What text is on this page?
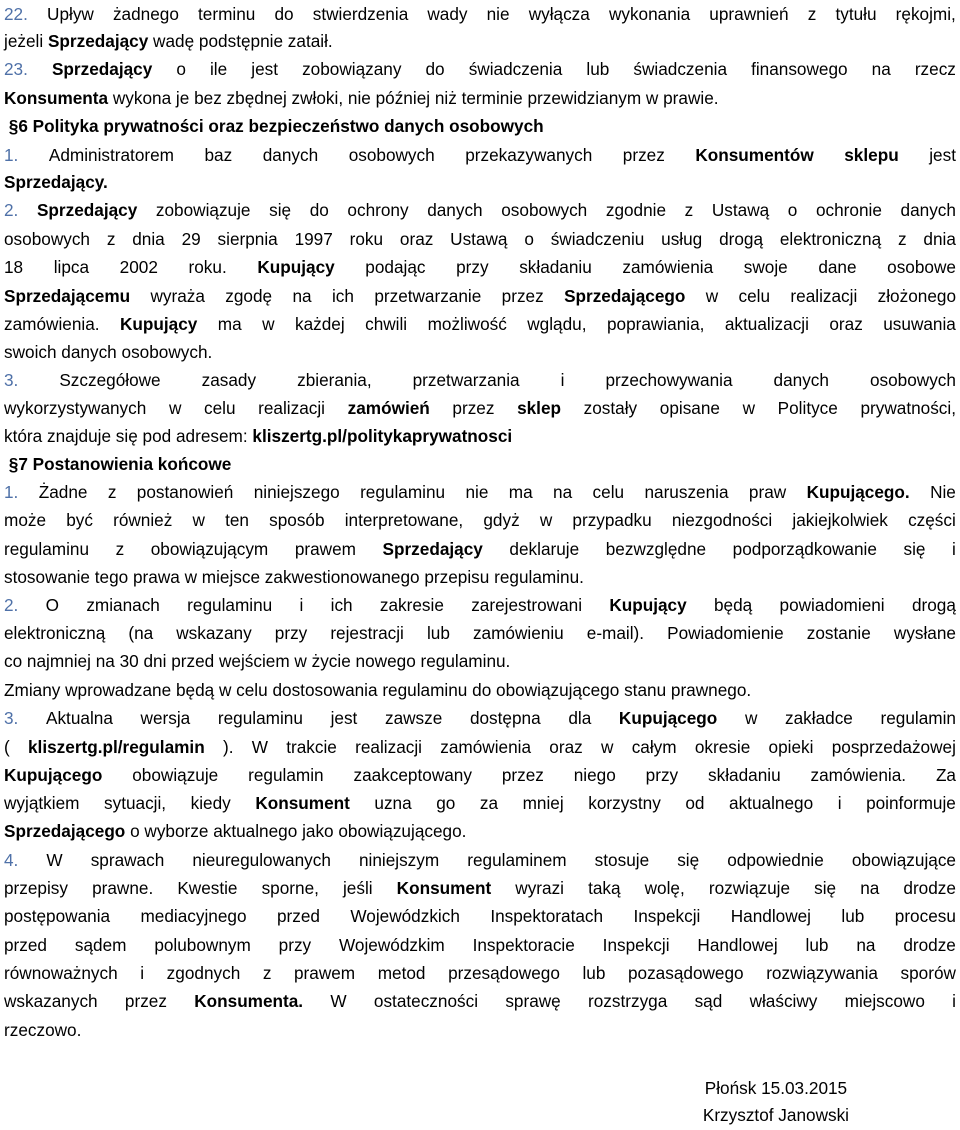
22. Upływ żadnego terminu do stwierdzenia wady nie wyłącza wykonania uprawnień z tytułu rękojmi,
jeżeli Sprzedający wadę podstępnie zataił.
23. Sprzedający o ile jest zobowiązany do świadczenia lub świadczenia finansowego na rzecz
Konsumenta wykona je bez zbędnej zwłoki, nie później niż terminie przewidzianym w prawie.
§6 Polityka prywatności oraz bezpieczeństwo danych osobowych
1. Administratorem baz danych osobowych przekazywanych przez Konsumentów sklepu jest
Sprzedający.
2. Sprzedający zobowiązuje się do ochrony danych osobowych zgodnie z Ustawą o ochronie danych
osobowych z dnia 29 sierpnia 1997 roku oraz Ustawą o świadczeniu usług drogą elektroniczną z dnia
18 lipca 2002 roku. Kupujący podając przy składaniu zamówienia swoje dane osobowe
Sprzedającemu wyraża zgodę na ich przetwarzanie przez Sprzedającego w celu realizacji złożonego
zamówienia. Kupujący ma w każdej chwili możliwość wglądu, poprawiania, aktualizacji oraz usuwania
swoich danych osobowych.
3. Szczegółowe zasady zbierania, przetwarzania i przechowywania danych osobowych
wykorzystywanych w celu realizacji zamówień przez sklep zostały opisane w Polityce prywatności,
która znajduje się pod adresem: kliszertg.pl/politykaprywatnosci
§7 Postanowienia końcowe
1. Żadne z postanowień niniejszego regulaminu nie ma na celu naruszenia praw Kupującego. Nie
może być również w ten sposób interpretowane, gdyż w przypadku niezgodności jakiejkolwiek części
regulaminu z obowiązującym prawem Sprzedający deklaruje bezwzględne podporządkowanie się i
stosowanie tego prawa w miejsce zakwestionowanego przepisu regulaminu.
2. O zmianach regulaminu i ich zakresie zarejestrowani Kupujący będą powiadomieni drogą
elektroniczną (na wskazany przy rejestracji lub zamówieniu e-mail). Powiadomienie zostanie wysłane
co najmniej na 30 dni przed wejściem w życie nowego regulaminu.
Zmiany wprowadzane będą w celu dostosowania regulaminu do obowiązującego stanu prawnego.
3. Aktualna wersja regulaminu jest zawsze dostępna dla Kupującego w zakładce regulamin
( kliszertg.pl/regulamin ). W trakcie realizacji zamówienia oraz w całym okresie opieki posprzedażowej
Kupującego obowiązuje regulamin zaakceptowany przez niego przy składaniu zamówienia. Za
wyjątkiem sytuacji, kiedy Konsument uzna go za mniej korzystny od aktualnego i poinformuje
Sprzedającego o wyborze aktualnego jako obowiązującego.
4. W sprawach nieuregulowanych niniejszym regulaminem stosuje się odpowiednie obowiązujące
przepisy prawne. Kwestie sporne, jeśli Konsument wyrazi taką wolę, rozwiązuje się na drodze
postępowania mediacyjnego przed Wojewódzkich Inspektoratach Inspekcji Handlowej lub procesu
przed sądem polubownym przy Wojewódzkim Inspektoracie Inspekcji Handlowej lub na drodze
równoważnych i zgodnych z prawem metod przesądowego lub pozasądowego rozwiązywania sporów
wskazanych przez Konsumenta. W ostateczności sprawę rozstrzyga sąd właściwy miejscowo i
rzeczowo.
Płońsk 15.03.2015
Krzysztof Janowski
